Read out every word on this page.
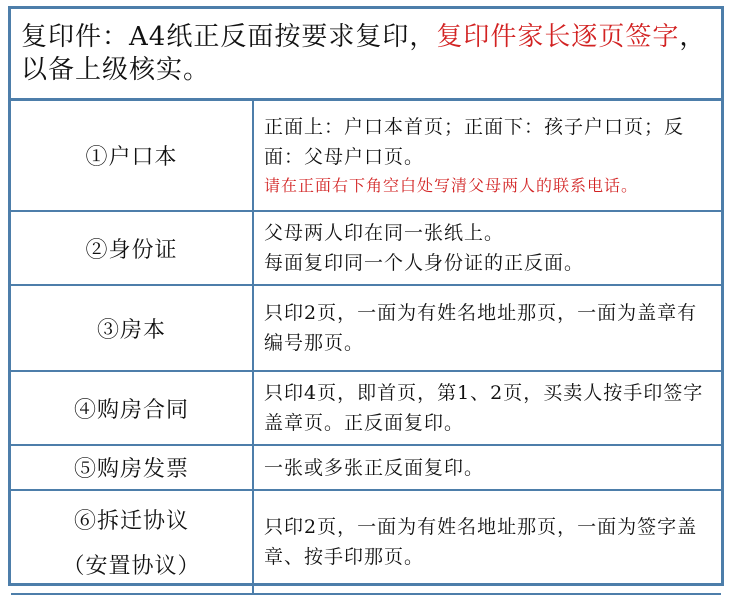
复印件：A4纸正反面按要求复印，复印件家长逐页签字，以备上级核实。
①户口本	正面上：户口本首页；正面下：孩子户口页；反面：父母户口页。
请在正面右下角空白处写清父母两人的联系电话。

②身份证	父母两人印在同一张纸上。
每面复印同一个人身份证的正反面。

③房本	只印2页，一面为有姓名地址那页，一面为盖章有编号那页。

④购房合同	只印4页，即首页，第1、2页，买卖人按手印签字盖章页。正反面复印。

⑤购房发票	一张或多张正反面复印。

⑥拆迁协议
（安置协议）	只印2页，一面为有姓名地址那页，一面为签字盖章、按手印那页。
